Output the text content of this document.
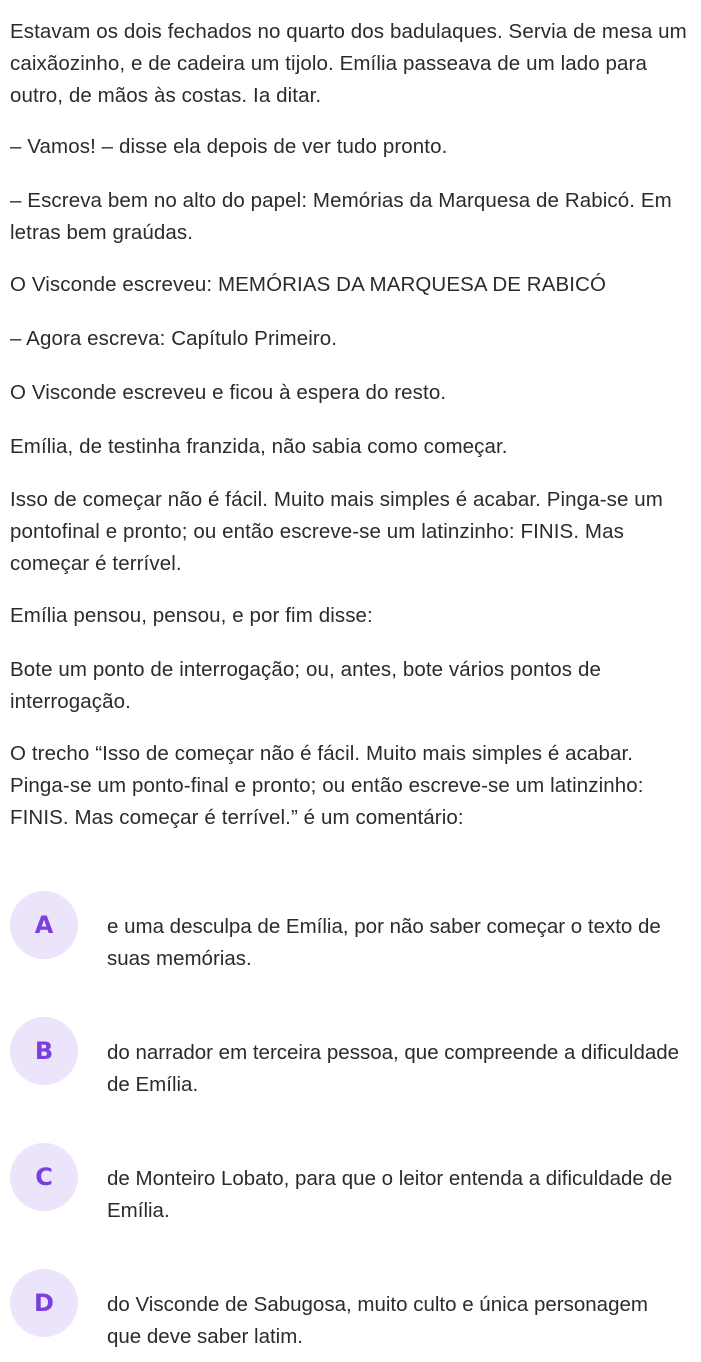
Estavam os dois fechados no quarto dos badulaques. Servia de mesa um caixãozinho, e de cadeira um tijolo. Emília passeava de um lado para outro, de mãos às costas. Ia ditar.

– Vamos! – disse ela depois de ver tudo pronto.

– Escreva bem no alto do papel: Memórias da Marquesa de Rabicó. Em letras bem graúdas.

O Visconde escreveu: MEMÓRIAS DA MARQUESA DE RABICÓ

– Agora escreva: Capítulo Primeiro.

O Visconde escreveu e ficou à espera do resto.

Emília, de testinha franzida, não sabia como começar.

Isso de começar não é fácil. Muito mais simples é acabar. Pinga-se um pontofinal e pronto; ou então escreve-se um latinzinho: FINIS. Mas começar é terrível.

Emília pensou, pensou, e por fim disse:

Bote um ponto de interrogação; ou, antes, bote vários pontos de interrogação.

O trecho “Isso de começar não é fácil. Muito mais simples é acabar. Pinga-se um ponto-final e pronto; ou então escreve-se um latinzinho: FINIS. Mas começar é terrível.” é um comentário:

A	e uma desculpa de Emília, por não saber começar o texto de suas memórias.

B	do narrador em terceira pessoa, que compreende a dificuldade de Emília.

C	de Monteiro Lobato, para que o leitor entenda a dificuldade de Emília.

D	do Visconde de Sabugosa, muito culto e única personagem que deve saber latim.
